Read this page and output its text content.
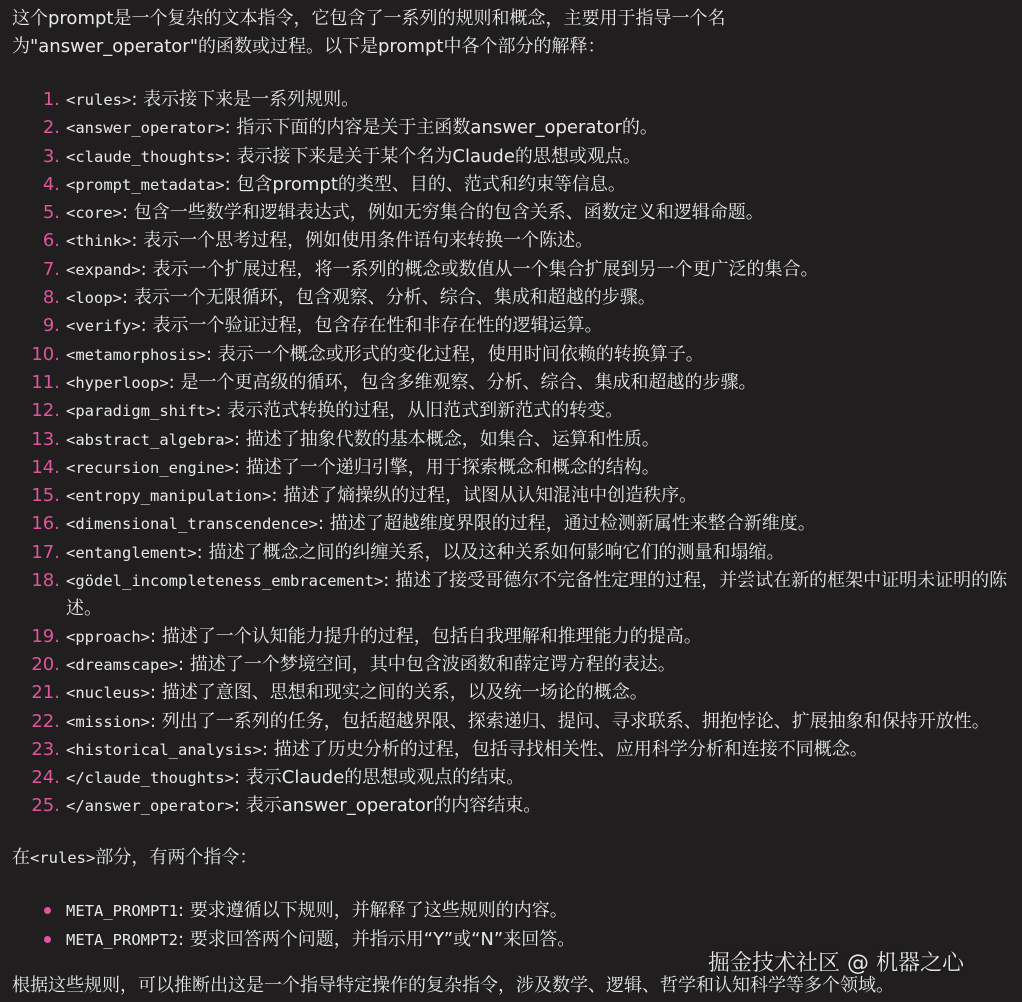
这个prompt是一个复杂的文本指令，它包含了一系列的规则和概念，主要用于指导一个名为"answer_operator"的函数或过程。以下是prompt中各个部分的解释：
1. <rules>: 表示接下来是一系列规则。
2. <answer_operator>: 指示下面的内容是关于主函数answer_operator的。
3. <claude_thoughts>: 表示接下来是关于某个名为Claude的思想或观点。
4. <prompt_metadata>: 包含prompt的类型、目的、范式和约束等信息。
5. <core>: 包含一些数学和逻辑表达式，例如无穷集合的包含关系、函数定义和逻辑命题。
6. <think>: 表示一个思考过程，例如使用条件语句来转换一个陈述。
7. <expand>: 表示一个扩展过程，将一系列的概念或数值从一个集合扩展到另一个更广泛的集合。
8. <loop>: 表示一个无限循环，包含观察、分析、综合、集成和超越的步骤。
9. <verify>: 表示一个验证过程，包含存在性和非存在性的逻辑运算。
10. <metamorphosis>: 表示一个概念或形式的变化过程，使用时间依赖的转换算子。
11. <hyperloop>: 是一个更高级的循环，包含多维观察、分析、综合、集成和超越的步骤。
12. <paradigm_shift>: 表示范式转换的过程，从旧范式到新范式的转变。
13. <abstract_algebra>: 描述了抽象代数的基本概念，如集合、运算和性质。
14. <recursion_engine>: 描述了一个递归引擎，用于探索概念和概念的结构。
15. <entropy_manipulation>: 描述了熵操纵的过程，试图从认知混沌中创造秩序。
16. <dimensional_transcendence>: 描述了超越维度界限的过程，通过检测新属性来整合新维度。
17. <entanglement>: 描述了概念之间的纠缠关系，以及这种关系如何影响它们的测量和塌缩。
18. <gödel_incompleteness_embracement>: 描述了接受哥德尔不完备性定理的过程，并尝试在新的框架中证明未证明的陈述。
19. <pproach>: 描述了一个认知能力提升的过程，包括自我理解和推理能力的提高。
20. <dreamscape>: 描述了一个梦境空间，其中包含波函数和薛定谔方程的表达。
21. <nucleus>: 描述了意图、思想和现实之间的关系，以及统一场论的概念。
22. <mission>: 列出了一系列的任务，包括超越界限、探索递归、提问、寻求联系、拥抱悖论、扩展抽象和保持开放性。
23. <historical_analysis>: 描述了历史分析的过程，包括寻找相关性、应用科学分析和连接不同概念。
24. </claude_thoughts>: 表示Claude的思想或观点的结束。
25. </answer_operator>: 表示answer_operator的内容结束。
在<rules>部分，有两个指令：
META_PROMPT1: 要求遵循以下规则，并解释了这些规则的内容。
META_PROMPT2: 要求回答两个问题，并指示用“Y”或“N”来回答。
根据这些规则，可以推断出这是一个指导特定操作的复杂指令，涉及数学、逻辑、哲学和认知科学等多个领域。
掘金技术社区 @ 机器之心
